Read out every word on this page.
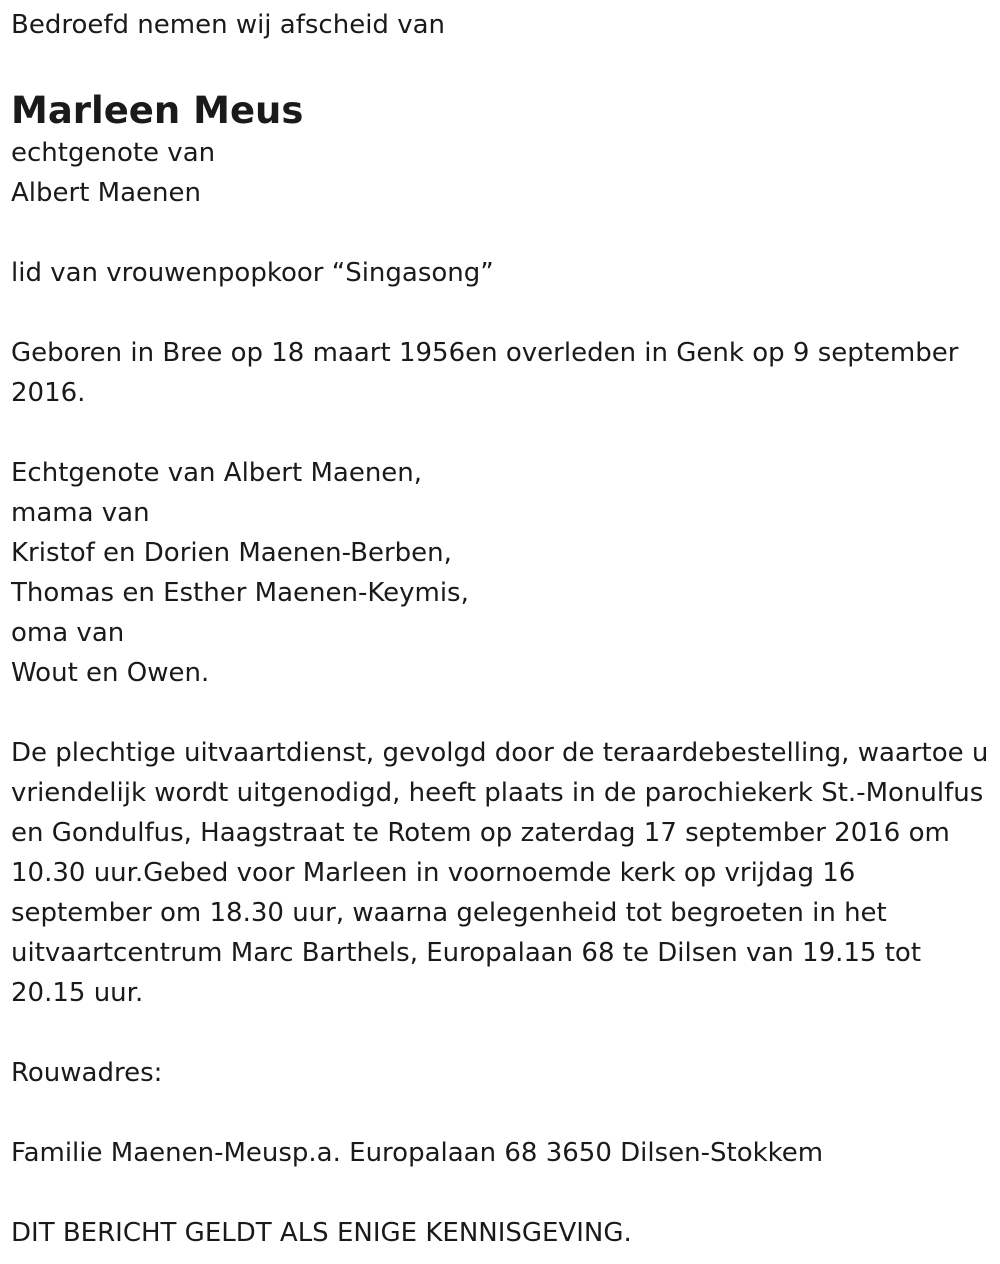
Bedroefd nemen wij afscheid van

Marleen Meus

echtgenote van

Albert Maenen

lid van vrouwenpopkoor “Singasong”

Geboren in Bree op 18 maart 1956en overleden in Genk op 9 september 2016.

Echtgenote van Albert Maenen,

mama van

Kristof en Dorien Maenen-Berben,

Thomas en Esther Maenen-Keymis,

oma van

Wout en Owen.

De plechtige uitvaartdienst, gevolgd door de teraardebestelling, waartoe u vriendelijk wordt uitgenodigd, heeft plaats in de parochiekerk St.-Monulfus en Gondulfus, Haagstraat te Rotem op zaterdag 17 september 2016 om 10.30 uur.Gebed voor Marleen in voornoemde kerk op vrijdag 16 september om 18.30 uur, waarna gelegenheid tot begroeten in het uitvaartcentrum Marc Barthels, Europalaan 68 te Dilsen van 19.15 tot 20.15 uur.

Rouwadres:

Familie Maenen-Meusp.a. Europalaan 68 3650 Dilsen-Stokkem

DIT BERICHT GELDT ALS ENIGE KENNISGEVING.
